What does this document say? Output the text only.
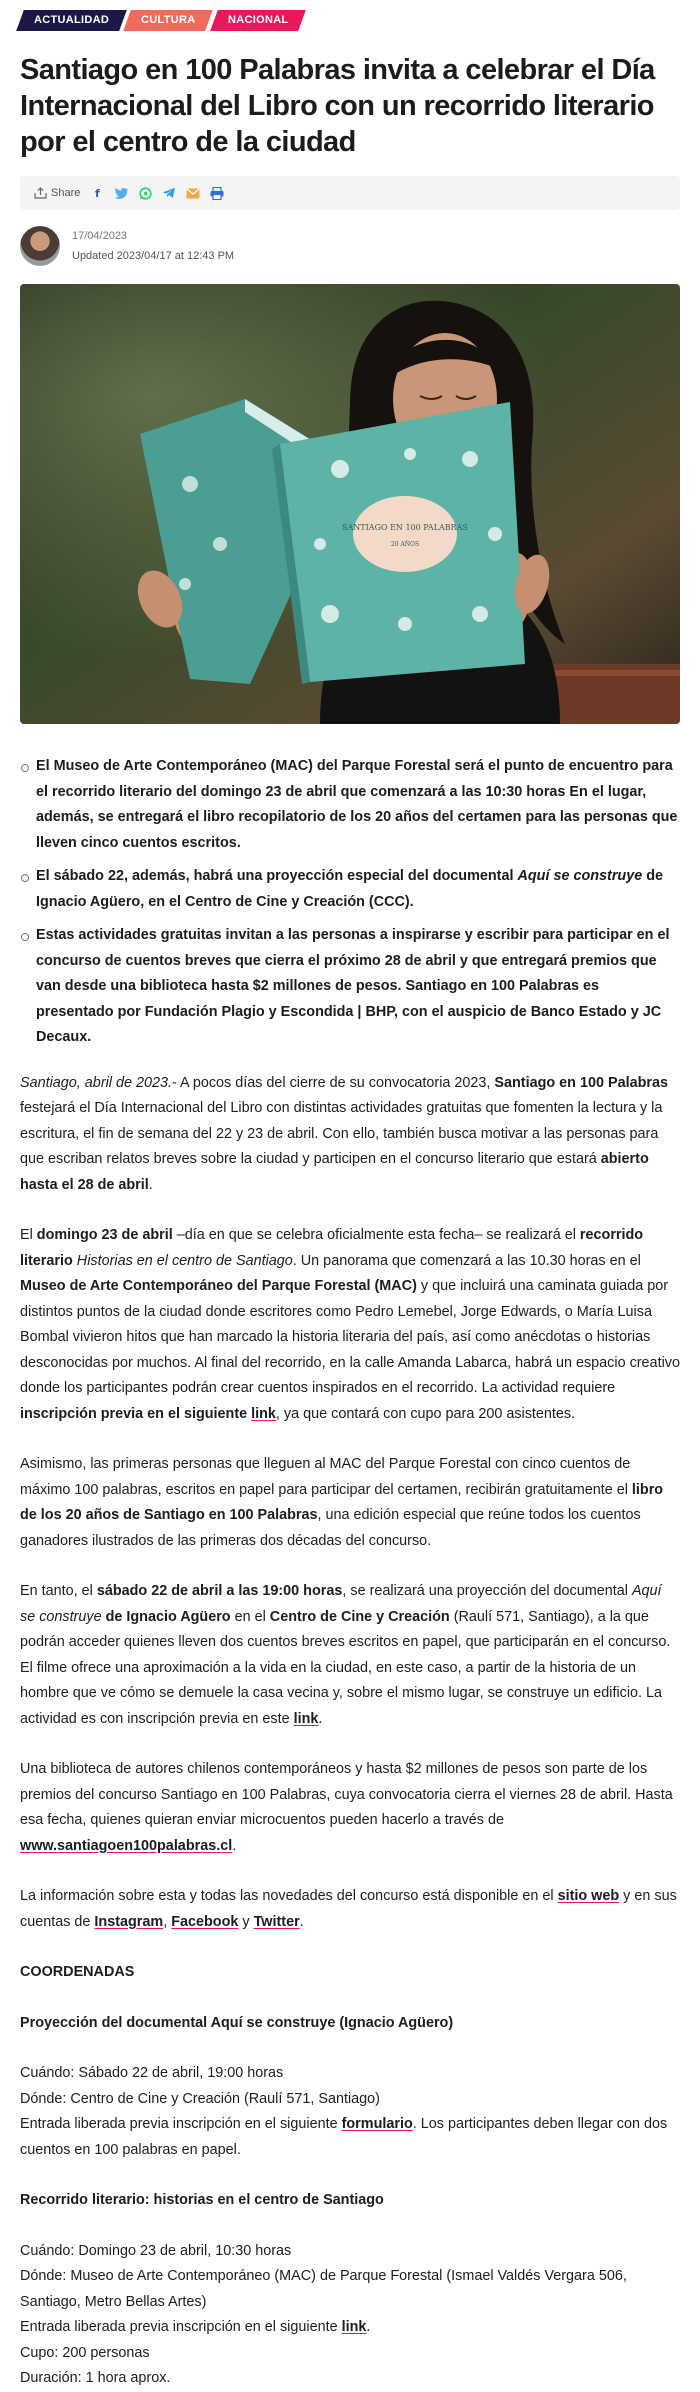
ACTUALIDAD	CULTURA	NACIONAL
Santiago en 100 Palabras invita a celebrar el Día Internacional del Libro con un recorrido literario por el centro de la ciudad
Share	f
17/04/2023
Updated 2023/04/17 at 12:43 PM
SANTIAGO EN 100 PALABRAS
20 AÑOS
El Museo de Arte Contemporáneo (MAC) del Parque Forestal será el punto de encuentro para el recorrido literario del domingo 23 de abril que comenzará a las 10:30 horas En el lugar, además, se entregará el libro recopilatorio de los 20 años del certamen para las personas que lleven cinco cuentos escritos.
El sábado 22, además, habrá una proyección especial del documental Aquí se construye de Ignacio Agüero, en el Centro de Cine y Creación (CCC).
Estas actividades gratuitas invitan a las personas a inspirarse y escribir para participar en el concurso de cuentos breves que cierra el próximo 28 de abril y que entregará premios que van desde una biblioteca hasta $2 millones de pesos. Santiago en 100 Palabras es presentado por Fundación Plagio y Escondida | BHP, con el auspicio de Banco Estado y JC Decaux.

Santiago, abril de 2023.- A pocos días del cierre de su convocatoria 2023, Santiago en 100 Palabras festejará el Día Internacional del Libro con distintas actividades gratuitas que fomenten la lectura y la escritura, el fin de semana del 22 y 23 de abril. Con ello, también busca motivar a las personas para que escriban relatos breves sobre la ciudad y participen en el concurso literario que estará abierto hasta el 28 de abril.

El domingo 23 de abril –día en que se celebra oficialmente esta fecha– se realizará el recorrido literario Historias en el centro de Santiago. Un panorama que comenzará a las 10.30 horas en el Museo de Arte Contemporáneo del Parque Forestal (MAC) y que incluirá una caminata guiada por distintos puntos de la ciudad donde escritores como Pedro Lemebel, Jorge Edwards, o María Luisa Bombal vivieron hitos que han marcado la historia literaria del país, así como anécdotas o historias desconocidas por muchos. Al final del recorrido, en la calle Amanda Labarca, habrá un espacio creativo donde los participantes podrán crear cuentos inspirados en el recorrido. La actividad requiere inscripción previa en el siguiente link, ya que contará con cupo para 200 asistentes.

Asimismo, las primeras personas que lleguen al MAC del Parque Forestal con cinco cuentos de máximo 100 palabras, escritos en papel para participar del certamen, recibirán gratuitamente el libro de los 20 años de Santiago en 100 Palabras, una edición especial que reúne todos los cuentos ganadores ilustrados de las primeras dos décadas del concurso.

En tanto, el sábado 22 de abril a las 19:00 horas, se realizará una proyección del documental Aquí se construye de Ignacio Agüero en el Centro de Cine y Creación (Raulí 571, Santiago), a la que podrán acceder quienes lleven dos cuentos breves escritos en papel, que participarán en el concurso. El filme ofrece una aproximación a la vida en la ciudad, en este caso, a partir de la historia de un hombre que ve cómo se demuele la casa vecina y, sobre el mismo lugar, se construye un edificio. La actividad es con inscripción previa en este link.

Una biblioteca de autores chilenos contemporáneos y hasta $2 millones de pesos son parte de los premios del concurso Santiago en 100 Palabras, cuya convocatoria cierra el viernes 28 de abril. Hasta esa fecha, quienes quieran enviar microcuentos pueden hacerlo a través de www.santiagoen100palabras.cl.

La información sobre esta y todas las novedades del concurso está disponible en el sitio web y en sus cuentas de Instagram, Facebook y Twitter.

COORDENADAS

Proyección del documental Aquí se construye (Ignacio Agüero)

Cuándo: Sábado 22 de abril, 19:00 horas
Dónde: Centro de Cine y Creación (Raulí 571, Santiago)
Entrada liberada previa inscripción en el siguiente formulario. Los participantes deben llegar con dos cuentos en 100 palabras en papel.

Recorrido literario: historias en el centro de Santiago

Cuándo: Domingo 23 de abril, 10:30 horas
Dónde: Museo de Arte Contemporáneo (MAC) de Parque Forestal (Ismael Valdés Vergara 506, Santiago, Metro Bellas Artes)
Entrada liberada previa inscripción en el siguiente link.
Cupo: 200 personas
Duración: 1 hora aprox.
